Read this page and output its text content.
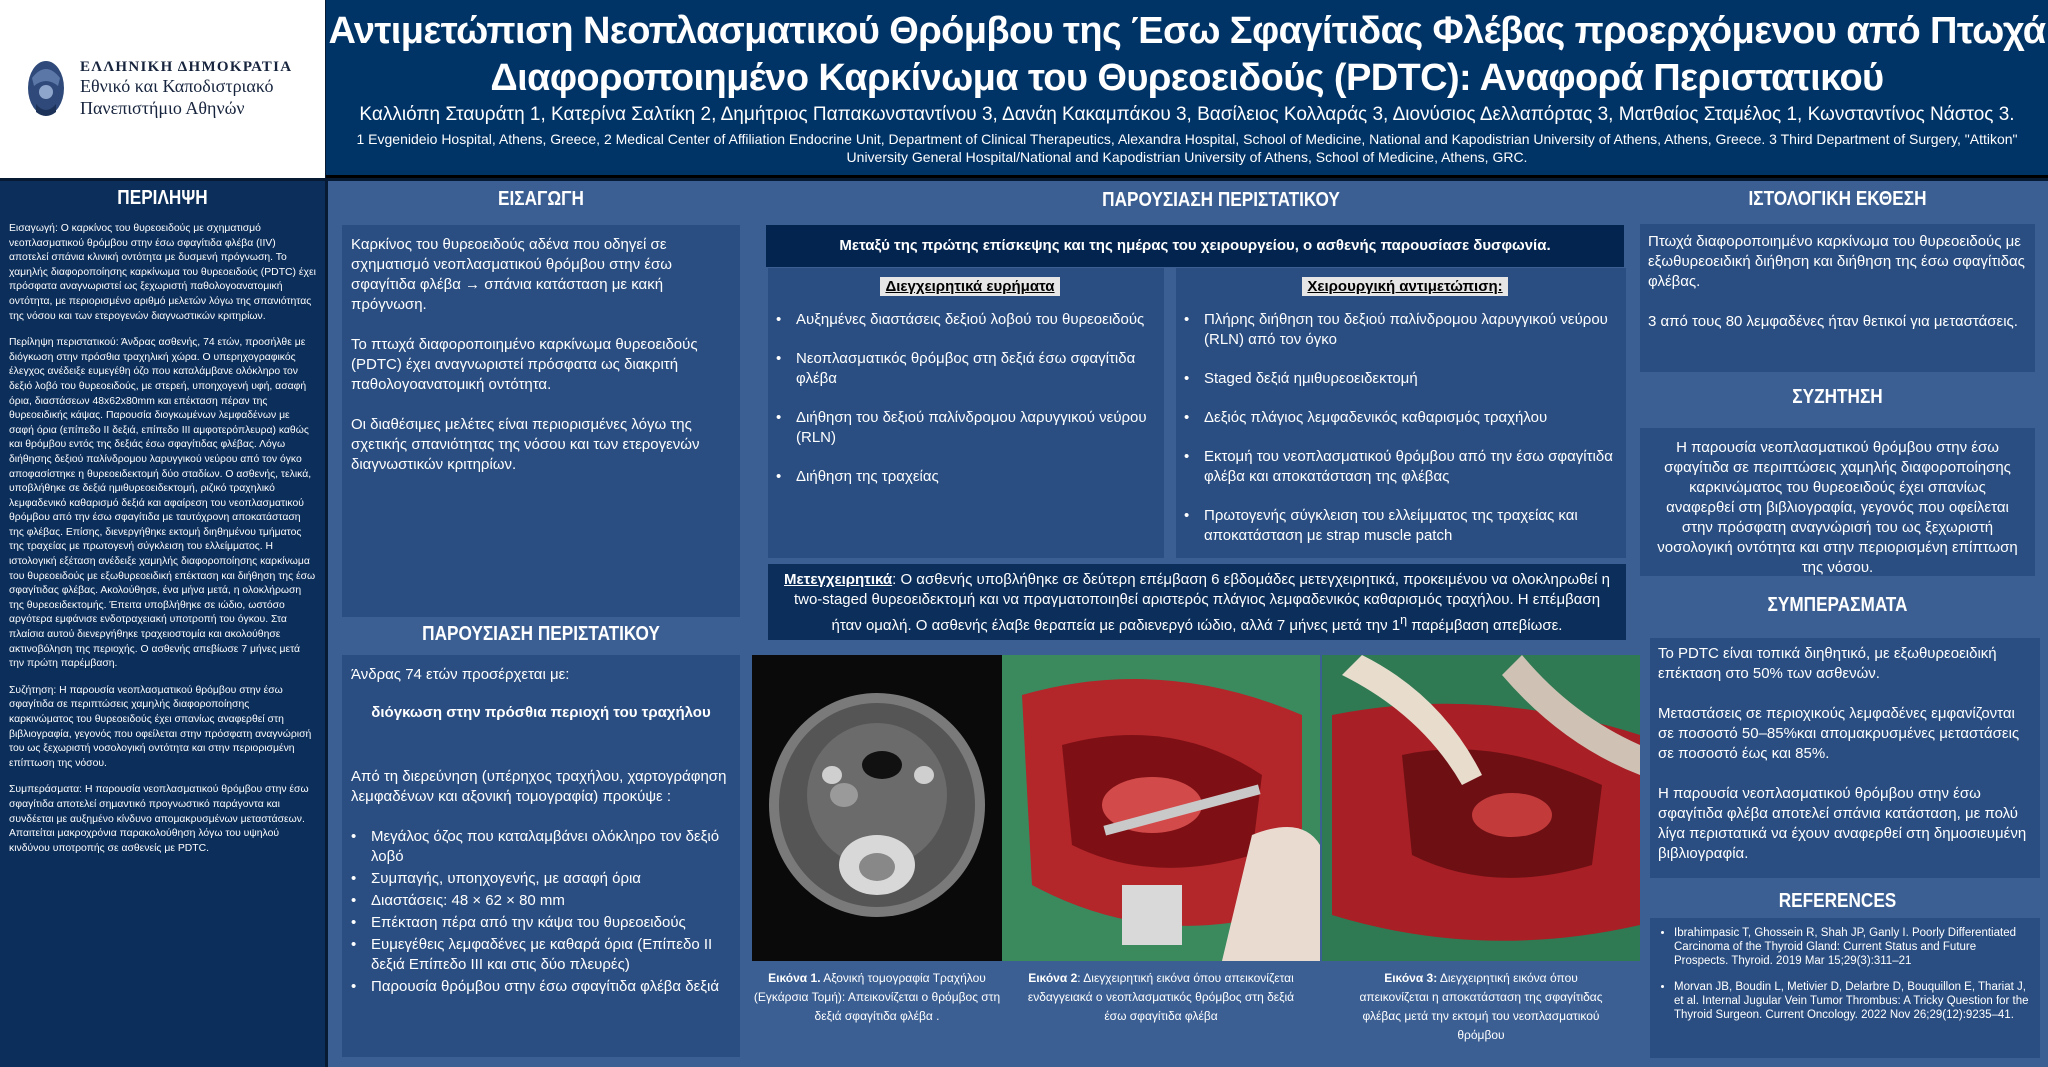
ΕΛΛΗΝΙΚΗ ΔΗΜΟΚΡΑΤΙΑ
Εθνικό και Καποδιστριακό
Πανεπιστήμιο Αθηνών
Αντιμετώπιση Νεοπλασματικού Θρόμβου της Έσω Σφαγίτιδας Φλέβας προερχόμενου από Πτωχά
Διαφοροποιημένο Καρκίνωμα του Θυρεοειδούς (PDTC): Αναφορά Περιστατικού
Καλλιόπη Σταυράτη 1, Κατερίνα Σαλτίκη 2, Δημήτριος Παπακωνσταντίνου 3, Δανάη Κακαμπάκου 3, Βασίλειος Κολλαράς 3, Διονύσιος Δελλαπόρτας 3, Ματθαίος Σταμέλος 1, Κωνσταντίνος Νάστος 3.
1 Evgenideio Hospital, Athens, Greece, 2 Medical Center of Affiliation Endocrine Unit, Department of Clinical Therapeutics, Alexandra Hospital, School of Medicine, National and Kapodistrian University of Athens, Athens, Greece. 3 Third Department of Surgery, "Attikon" University General Hospital/National and Kapodistrian University of Athens, School of Medicine, Athens, GRC.
ΠΕΡΙΛΗΨΗ

Εισαγωγή: Ο καρκίνος του θυρεοειδούς με σχηματισμό νεοπλασματικού θρόμβου στην έσω σφαγίτιδα φλέβα (IIV) αποτελεί σπάνια κλινική οντότητα με δυσμενή πρόγνωση. Το χαμηλής διαφοροποίησης καρκίνωμα του θυρεοειδούς (PDTC) έχει πρόσφατα αναγνωριστεί ως ξεχωριστή παθολογοανατομική οντότητα, με περιορισμένο αριθμό μελετών λόγω της σπανιότητας της νόσου και των ετερογενών διαγνωστικών κριτηρίων.

Περίληψη περιστατικού: Άνδρας ασθενής, 74 ετών, προσήλθε με διόγκωση στην πρόσθια τραχηλική χώρα. Ο υπερηχογραφικός έλεγχος ανέδειξε ευμεγέθη όζο που καταλάμβανε ολόκληρο τον δεξιό λοβό του θυρεοειδούς, με στερεή, υποηχογενή υφή, ασαφή όρια, διαστάσεων 48x62x80mm και επέκταση πέραν της θυρεοειδικής κάψας. Παρουσία διογκωμένων λεμφαδένων με σαφή όρια (επίπεδο II δεξιά, επίπεδο III αμφοτερόπλευρα) καθώς και θρόμβου εντός της δεξιάς έσω σφαγίτιδας φλέβας. Λόγω διήθησης δεξιού παλίνδρομου λαρυγγικού νεύρου από τον όγκο αποφασίστηκε η θυρεοειδεκτομή δύο σταδίων. Ο ασθενής, τελικά, υποβλήθηκε σε δεξιά ημιθυρεοειδεκτομή, ριζικό τραχηλικό λεμφαδενικό καθαρισμό δεξιά και αφαίρεση του νεοπλασματικού θρόμβου από την έσω σφαγίτιδα με ταυτόχρονη αποκατάσταση της φλέβας. Επίσης, διενεργήθηκε εκτομή διηθημένου τμήματος της τραχείας με πρωτογενή σύγκλειση του ελλείμματος. Η ιστολογική εξέταση ανέδειξε χαμηλής διαφοροποίησης καρκίνωμα του θυρεοειδούς με εξωθυρεοειδική επέκταση και διήθηση της έσω σφαγίτιδας φλέβας. Ακολούθησε, ένα μήνα μετά, η ολοκλήρωση της θυρεοειδεκτομής. Έπειτα υποβλήθηκε σε ιώδιο, ωστόσο αργότερα εμφάνισε ενδοτραχειακή υποτροπή του όγκου. Στα πλαίσια αυτού διενεργήθηκε τραχειοστομία και ακολούθησε ακτινοβόληση της περιοχής. Ο ασθενής απεβίωσε 7 μήνες μετά την πρώτη παρέμβαση.

Συζήτηση: Η παρουσία νεοπλασματικού θρόμβου στην έσω σφαγίτιδα σε περιπτώσεις χαμηλής διαφοροποίησης καρκινώματος του θυρεοειδούς έχει σπανίως αναφερθεί στη βιβλιογραφία, γεγονός που οφείλεται στην πρόσφατη αναγνώρισή του ως ξεχωριστή νοσολογική οντότητα και στην περιορισμένη επίπτωση της νόσου.

Συμπεράσματα: Η παρουσία νεοπλασματικού θρόμβου στην έσω σφαγίτιδα αποτελεί σημαντικό προγνωστικό παράγοντα και συνδέεται με αυξημένο κίνδυνο απομακρυσμένων μεταστάσεων. Απαιτείται μακροχρόνια παρακολούθηση λόγω του υψηλού κινδύνου υποτροπής σε ασθενείς με PDTC.

ΕΙΣΑΓΩΓΗ

Καρκίνος του θυρεοειδούς αδένα που οδηγεί σε σχηματισμό νεοπλασματικού θρόμβου στην έσω σφαγίτιδα φλέβα → σπάνια κατάσταση με κακή πρόγνωση.

Το πτωχά διαφοροποιημένο καρκίνωμα θυρεοειδούς (PDTC) έχει αναγνωριστεί πρόσφατα ως διακριτή παθολογοανατομική οντότητα.

Οι διαθέσιμες μελέτες είναι περιορισμένες λόγω της σχετικής σπανιότητας της νόσου και των ετερογενών διαγνωστικών κριτηρίων.

ΠΑΡΟΥΣΙΑΣΗ ΠΕΡΙΣΤΑΤΙΚΟΥ

Άνδρας 74 ετών προσέρχεται με:

διόγκωση στην πρόσθια περιοχή του τραχήλου

Από τη διερεύνηση (υπέρηχος τραχήλου, χαρτογράφηση λεμφαδένων και αξονική τομογραφία) προκύψε :

• Μεγάλος όζος που καταλαμβάνει ολόκληρο τον δεξιό λοβό
• Συμπαγής, υποηχογενής, με ασαφή όρια
• Διαστάσεις: 48 × 62 × 80 mm
• Επέκταση πέρα από την κάψα του θυρεοειδούς
• Ευμεγέθεις λεμφαδένες με καθαρά όρια (Επίπεδο II δεξιά Επίπεδο III και στις δύο πλευρές)
• Παρουσία θρόμβου στην έσω σφαγίτιδα φλέβα δεξιά
ΠΑΡΟΥΣΙΑΣΗ ΠΕΡΙΣΤΑΤΙΚΟΥ
Μεταξύ της πρώτης επίσκεψης και της ημέρας του χειρουργείου, ο ασθενής παρουσίασε δυσφωνία.
Διεγχειρητικά ευρήματα
• Αυξημένες διαστάσεις δεξιού λοβού του θυρεοειδούς
• Νεοπλασματικός θρόμβος στη δεξιά έσω σφαγίτιδα φλέβα
• Διήθηση του δεξιού παλίνδρομου λαρυγγικού νεύρου (RLN)
• Διήθηση της τραχείας
Χειρουργική αντιμετώπιση:
• Πλήρης διήθηση του δεξιού παλίνδρομου λαρυγγικού νεύρου (RLN) από τον όγκο
• Staged δεξιά ημιθυρεοειδεκτομή
• Δεξιός πλάγιος λεμφαδενικός καθαρισμός τραχήλου
• Εκτομή του νεοπλασματικού θρόμβου από την έσω σφαγίτιδα φλέβα και αποκατάσταση της φλέβας
• Πρωτογενής σύγκλειση του ελλείμματος της τραχείας και αποκατάσταση με strap muscle patch
Μετεγχειρητικά: Ο ασθενής υποβλήθηκε σε δεύτερη επέμβαση 6 εβδομάδες μετεγχειρητικά, προκειμένου να ολοκληρωθεί η two-staged θυρεοειδεκτομή και να πραγματοποιηθεί αριστερός πλάγιος λεμφαδενικός καθαρισμός τραχήλου. Η επέμβαση ήταν ομαλή. Ο ασθενής έλαβε θεραπεία με ραδιενεργό ιώδιο, αλλά 7 μήνες μετά την $1^\eta$ παρέμβαση απεβίωσε.
Εικόνα 1. Αξονική τομογραφία Τραχήλου (Εγκάρσια Τομή): Απεικονίζεται ο θρόμβος στη δεξιά σφαγίτιδα φλέβα .
Εικόνα 2: Διεγχειρητική εικόνα όπου απεικονίζεται ενδαγγειακά ο νεοπλασματικός θρόμβος στη δεξιά έσω σφαγίτιδα φλέβα
Εικόνα 3: Διεγχειρητική εικόνα όπου απεικονίζεται η αποκατάσταση της σφαγίτιδας φλέβας μετά την εκτομή του νεοπλασματικού θρόμβου
ΙΣΤΟΛΟΓΙΚΗ ΕΚΘΕΣΗ

Πτωχά διαφοροποιημένο καρκίνωμα του θυρεοειδούς με εξωθυρεοειδική διήθηση και διήθηση της έσω σφαγίτιδας φλέβας.

3 από τους 80 λεμφαδένες ήταν θετικοί για μεταστάσεις.

ΣΥΖΗΤΗΣΗ

Η παρουσία νεοπλασματικού θρόμβου στην έσω σφαγίτιδα σε περιπτώσεις χαμηλής διαφοροποίησης καρκινώματος του θυρεοειδούς έχει σπανίως αναφερθεί στη βιβλιογραφία, γεγονός που οφείλεται στην πρόσφατη αναγνώρισή του ως ξεχωριστή νοσολογική οντότητα και στην περιορισμένη επίπτωση της νόσου.

ΣΥΜΠΕΡΑΣΜΑΤΑ

Το PDTC είναι τοπικά διηθητικό, με εξωθυρεοειδική επέκταση στο 50% των ασθενών.

Μεταστάσεις σε περιοχικούς λεμφαδένες εμφανίζονται σε ποσοστό 50–85%και απομακρυσμένες μεταστάσεις σε ποσοστό έως και 85%.

Η παρουσία νεοπλασματικού θρόμβου στην έσω σφαγίτιδα φλέβα αποτελεί σπάνια κατάσταση, με πολύ λίγα περιστατικά να έχουν αναφερθεί στη δημοσιευμένη βιβλιογραφία.

REFERENCES
• Ibrahimpasic T, Ghossein R, Shah JP, Ganly I. Poorly Differentiated Carcinoma of the Thyroid Gland: Current Status and Future Prospects. Thyroid. 2019 Mar 15;29(3):311–21
• Morvan JB, Boudin L, Metivier D, Delarbre D, Bouquillon E, Thariat J, et al. Internal Jugular Vein Tumor Thrombus: A Tricky Question for the Thyroid Surgeon. Current Oncology. 2022 Nov 26;29(12):9235–41.
